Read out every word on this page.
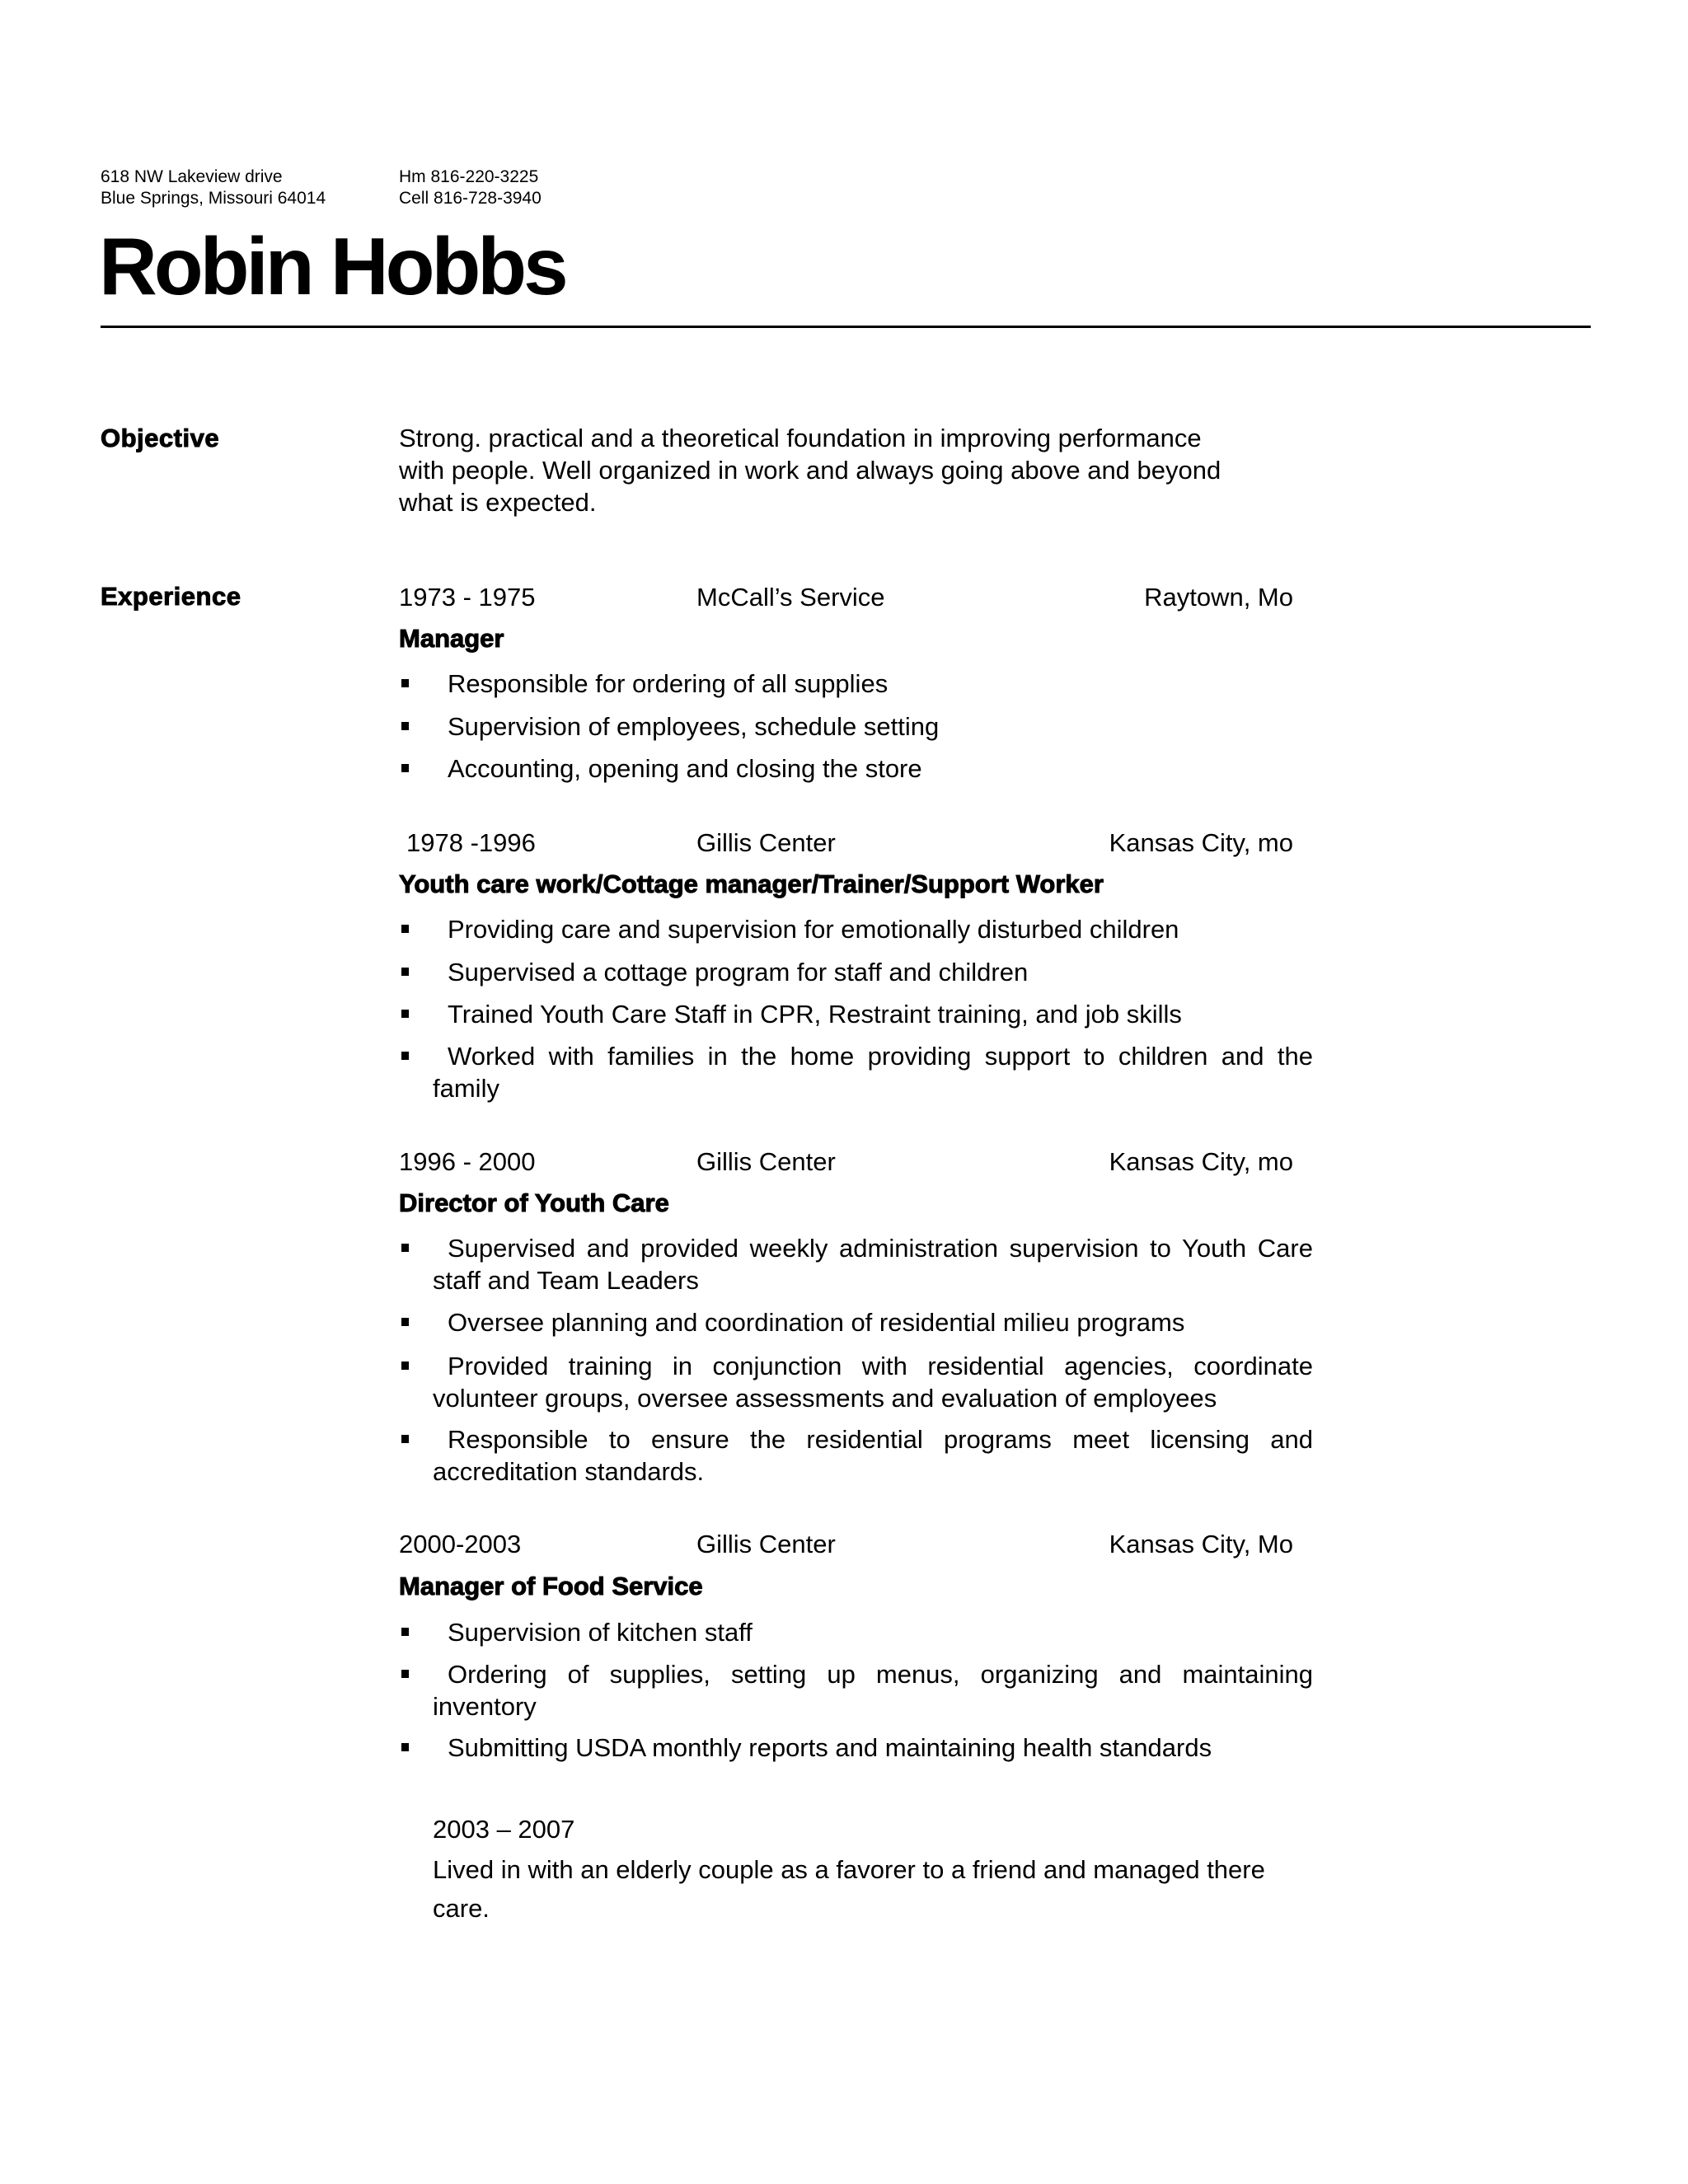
618 NW Lakeview drive
Blue Springs, Missouri 64014
Hm 816-220-3225
Cell 816-728-3940
Robin Hobbs
Objective	Strong. practical and a theoretical foundation in improving performance
with people. Well organized in work and always going above and beyond
what is expected.
Experience	1973 - 1975	McCall’s Service	Raytown, Mo
Manager
Responsible for ordering of all supplies
Supervision of employees, schedule setting
Accounting, opening and closing the store
1978 -1996	Gillis Center	Kansas City, mo
Youth care work/Cottage manager/Trainer/Support Worker
Providing care and supervision for emotionally disturbed children
Supervised a cottage program for staff and children
Trained Youth Care Staff in CPR, Restraint training, and job skills
Worked with families in the home providing support to children and the family
1996 - 2000	Gillis Center	Kansas City, mo
Director of Youth Care
Supervised and provided weekly administration supervision to Youth Care staff and Team Leaders
Oversee planning and coordination of residential milieu programs
Provided training in conjunction with residential agencies, coordinate volunteer groups, oversee assessments and evaluation of employees
Responsible to ensure the residential programs meet licensing and accreditation standards.
2000-2003	Gillis Center	Kansas City, Mo
Manager of Food Service
Supervision of kitchen staff
Ordering of supplies, setting up menus, organizing and maintaining inventory
Submitting USDA monthly reports and maintaining health standards
2003 – 2007
Lived in with an elderly couple as a favorer to a friend and managed there
care.
